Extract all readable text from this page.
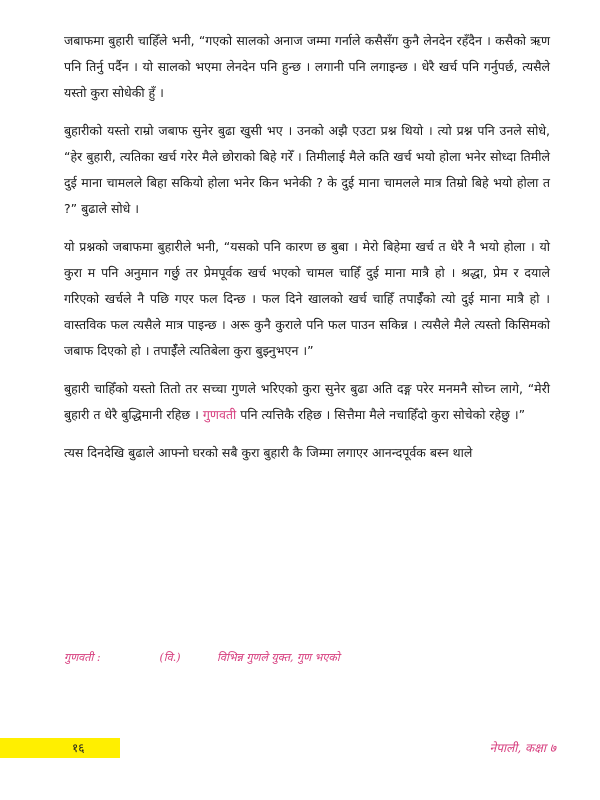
जबाफमा बुहारी चाहिँले भनी, “गएको सालको अनाज जम्मा गर्नाले कसैसँग कुनै लेनदेन रहँदैन । कसैको ऋण पनि तिर्नु पर्दैन । यो सालको भएमा लेनदेन पनि हुन्छ । लगानी पनि लगाइन्छ । धेरै खर्च पनि गर्नुपर्छ, त्यसैले यस्तो कुरा सोधेकी हुँ ।

बुहारीको यस्तो राम्रो जबाफ सुनेर बुढा खुसी भए । उनको अझै एउटा प्रश्न थियो । त्यो प्रश्न पनि उनले सोधे, “हेर बुहारी, त्यतिका खर्च गरेर मैले छोराको बिहे गरेँ । तिमीलाई मैले कति खर्च भयो होला भनेर सोध्दा तिमीले दुई माना चामलले बिहा सकियो होला भनेर किन भनेकी ? के दुई माना चामलले मात्र तिम्रो बिहे भयो होला त ?” बुढाले सोधे ।

यो प्रश्नको जबाफमा बुहारीले भनी, “यसको पनि कारण छ बुबा । मेरो बिहेमा खर्च त धेरै नै भयो होला । यो कुरा म पनि अनुमान गर्छु तर प्रेमपूर्वक खर्च भएको चामल चाहिँ दुई माना मात्रै हो । श्रद्धा, प्रेम र दयाले गरिएको खर्चले नै पछि गएर फल दिन्छ । फल दिने खालको खर्च चाहिँ तपाईँको त्यो दुई माना मात्रै हो । वास्तविक फल त्यसैले मात्र पाइन्छ । अरू कुनै कुराले पनि फल पाउन सकिन्न । त्यसैले मैले त्यस्तो किसिमको जबाफ दिएको हो । तपाईँले त्यतिबेला कुरा बुझ्नुभएन ।”

बुहारी चाहिँको यस्तो तितो तर सच्चा गुणले भरिएको कुरा सुनेर बुढा अति दङ्ग परेर मनमनै सोच्न लागे, “मेरी बुहारी त धेरै बुद्धिमानी रहिछ । गुणवती पनि त्यत्तिकै रहिछ । सित्तैमा मैले नचाहिँदो कुरा सोचेको रहेछु ।”

त्यस दिनदेखि बुढाले आफ्नो घरको सबै कुरा बुहारी कै जिम्मा लगाएर आनन्दपूर्वक बस्न थाले

गुणवती :	(वि.)	विभिन्न गुणले युक्त, गुण भएको
१६	नेपाली, कक्षा ७
